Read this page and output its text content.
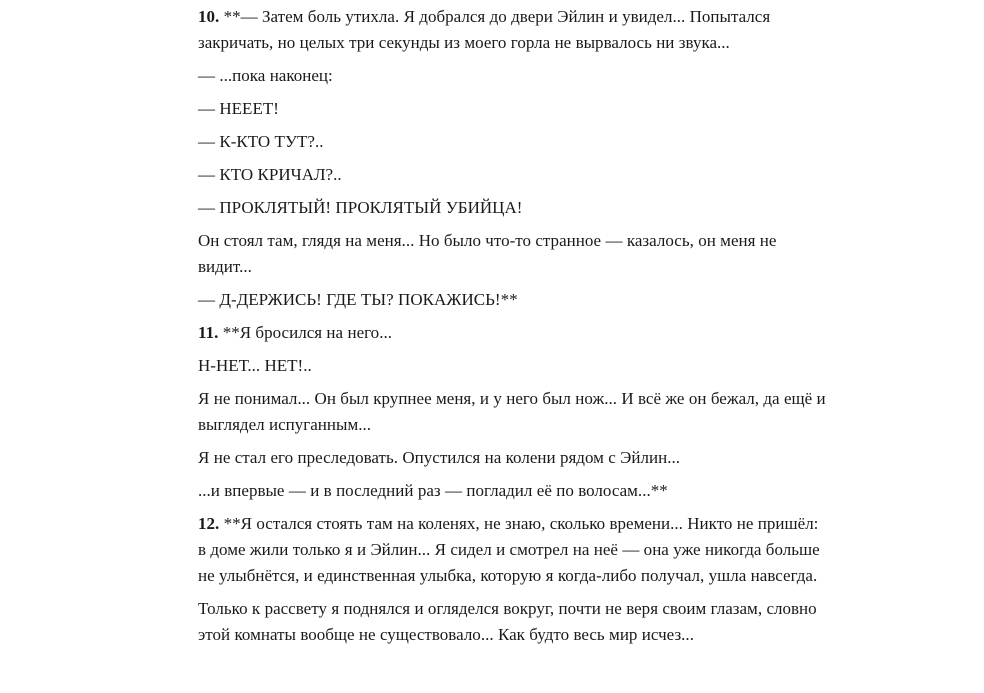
10. **— Затем боль утихла. Я добрался до двери Эйлин и увидел... Попытался закричать, но целых три секунды из моего горла не вырвалось ни звука...

— ...пока наконец:

— НЕЕЕТ!

— К-КТО ТУТ?..

— КТО КРИЧАЛ?..

— ПРОКЛЯТЫЙ! ПРОКЛЯТЫЙ УБИЙЦА!

Он стоял там, глядя на меня... Но было что-то странное — казалось, он меня не видит...

— Д-ДЕРЖИСЬ! ГДЕ ТЫ? ПОКАЖИСЬ!**

11. **Я бросился на него...

Н-НЕТ... НЕТ!..

Я не понимал... Он был крупнее меня, и у него был нож... И всё же он бежал, да ещё и выглядел испуганным...

Я не стал его преследовать. Опустился на колени рядом с Эйлин...

...и впервые — и в последний раз — погладил её по волосам...**

12. **Я остался стоять там на коленях, не знаю, сколько времени... Никто не пришёл: в доме жили только я и Эйлин... Я сидел и смотрел на неё — она уже никогда больше не улыбнётся, и единственная улыбка, которую я когда-либо получал, ушла навсегда.

Только к рассвету я поднялся и огляделся вокруг, почти не веря своим глазам, словно этой комнаты вообще не существовало... Как будто весь мир исчез...
